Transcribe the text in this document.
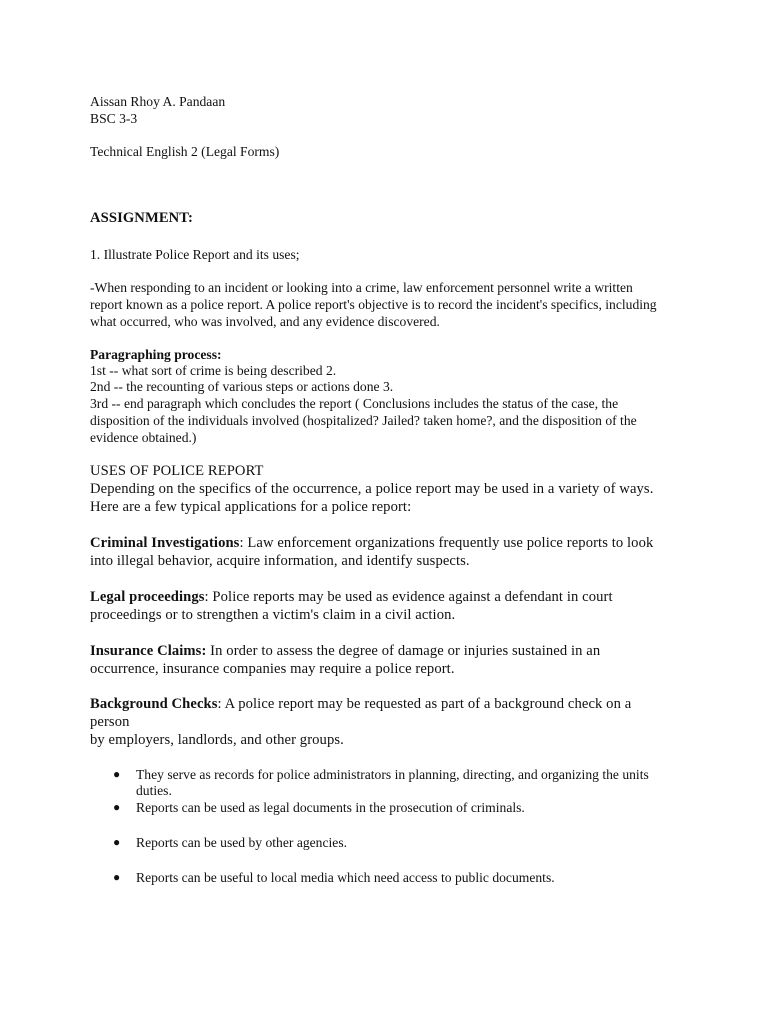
Aissan Rhoy A. Pandaan
BSC 3-3
Technical English 2 (Legal Forms)
ASSIGNMENT:
1. Illustrate Police Report and its uses;
-When responding to an incident or looking into a crime, law enforcement personnel write a written
report known as a police report. A police report's objective is to record the incident's specifics, including
what occurred, who was involved, and any evidence discovered.
Paragraphing process:
1st -- what sort of crime is being described 2.
2nd -- the recounting of various steps or actions done 3.
3rd -- end paragraph which concludes the report ( Conclusions includes the status of the case, the
disposition of the individuals involved (hospitalized? Jailed? taken home?, and the disposition of the
evidence obtained.)
USES OF POLICE REPORT
Depending on the specifics of the occurrence, a police report may be used in a variety of ways.
Here are a few typical applications for a police report:
Criminal Investigations: Law enforcement organizations frequently use police reports to look
into illegal behavior, acquire information, and identify suspects.
Legal proceedings: Police reports may be used as evidence against a defendant in court
proceedings or to strengthen a victim's claim in a civil action.
Insurance Claims: In order to assess the degree of damage or injuries sustained in an
occurrence, insurance companies may require a police report.
Background Checks: A police report may be requested as part of a background check on a
person
by employers, landlords, and other groups.
● They serve as records for police administrators in planning, directing, and organizing the units
duties.
● Reports can be used as legal documents in the prosecution of criminals.
● Reports can be used by other agencies.
● Reports can be useful to local media which need access to public documents.
